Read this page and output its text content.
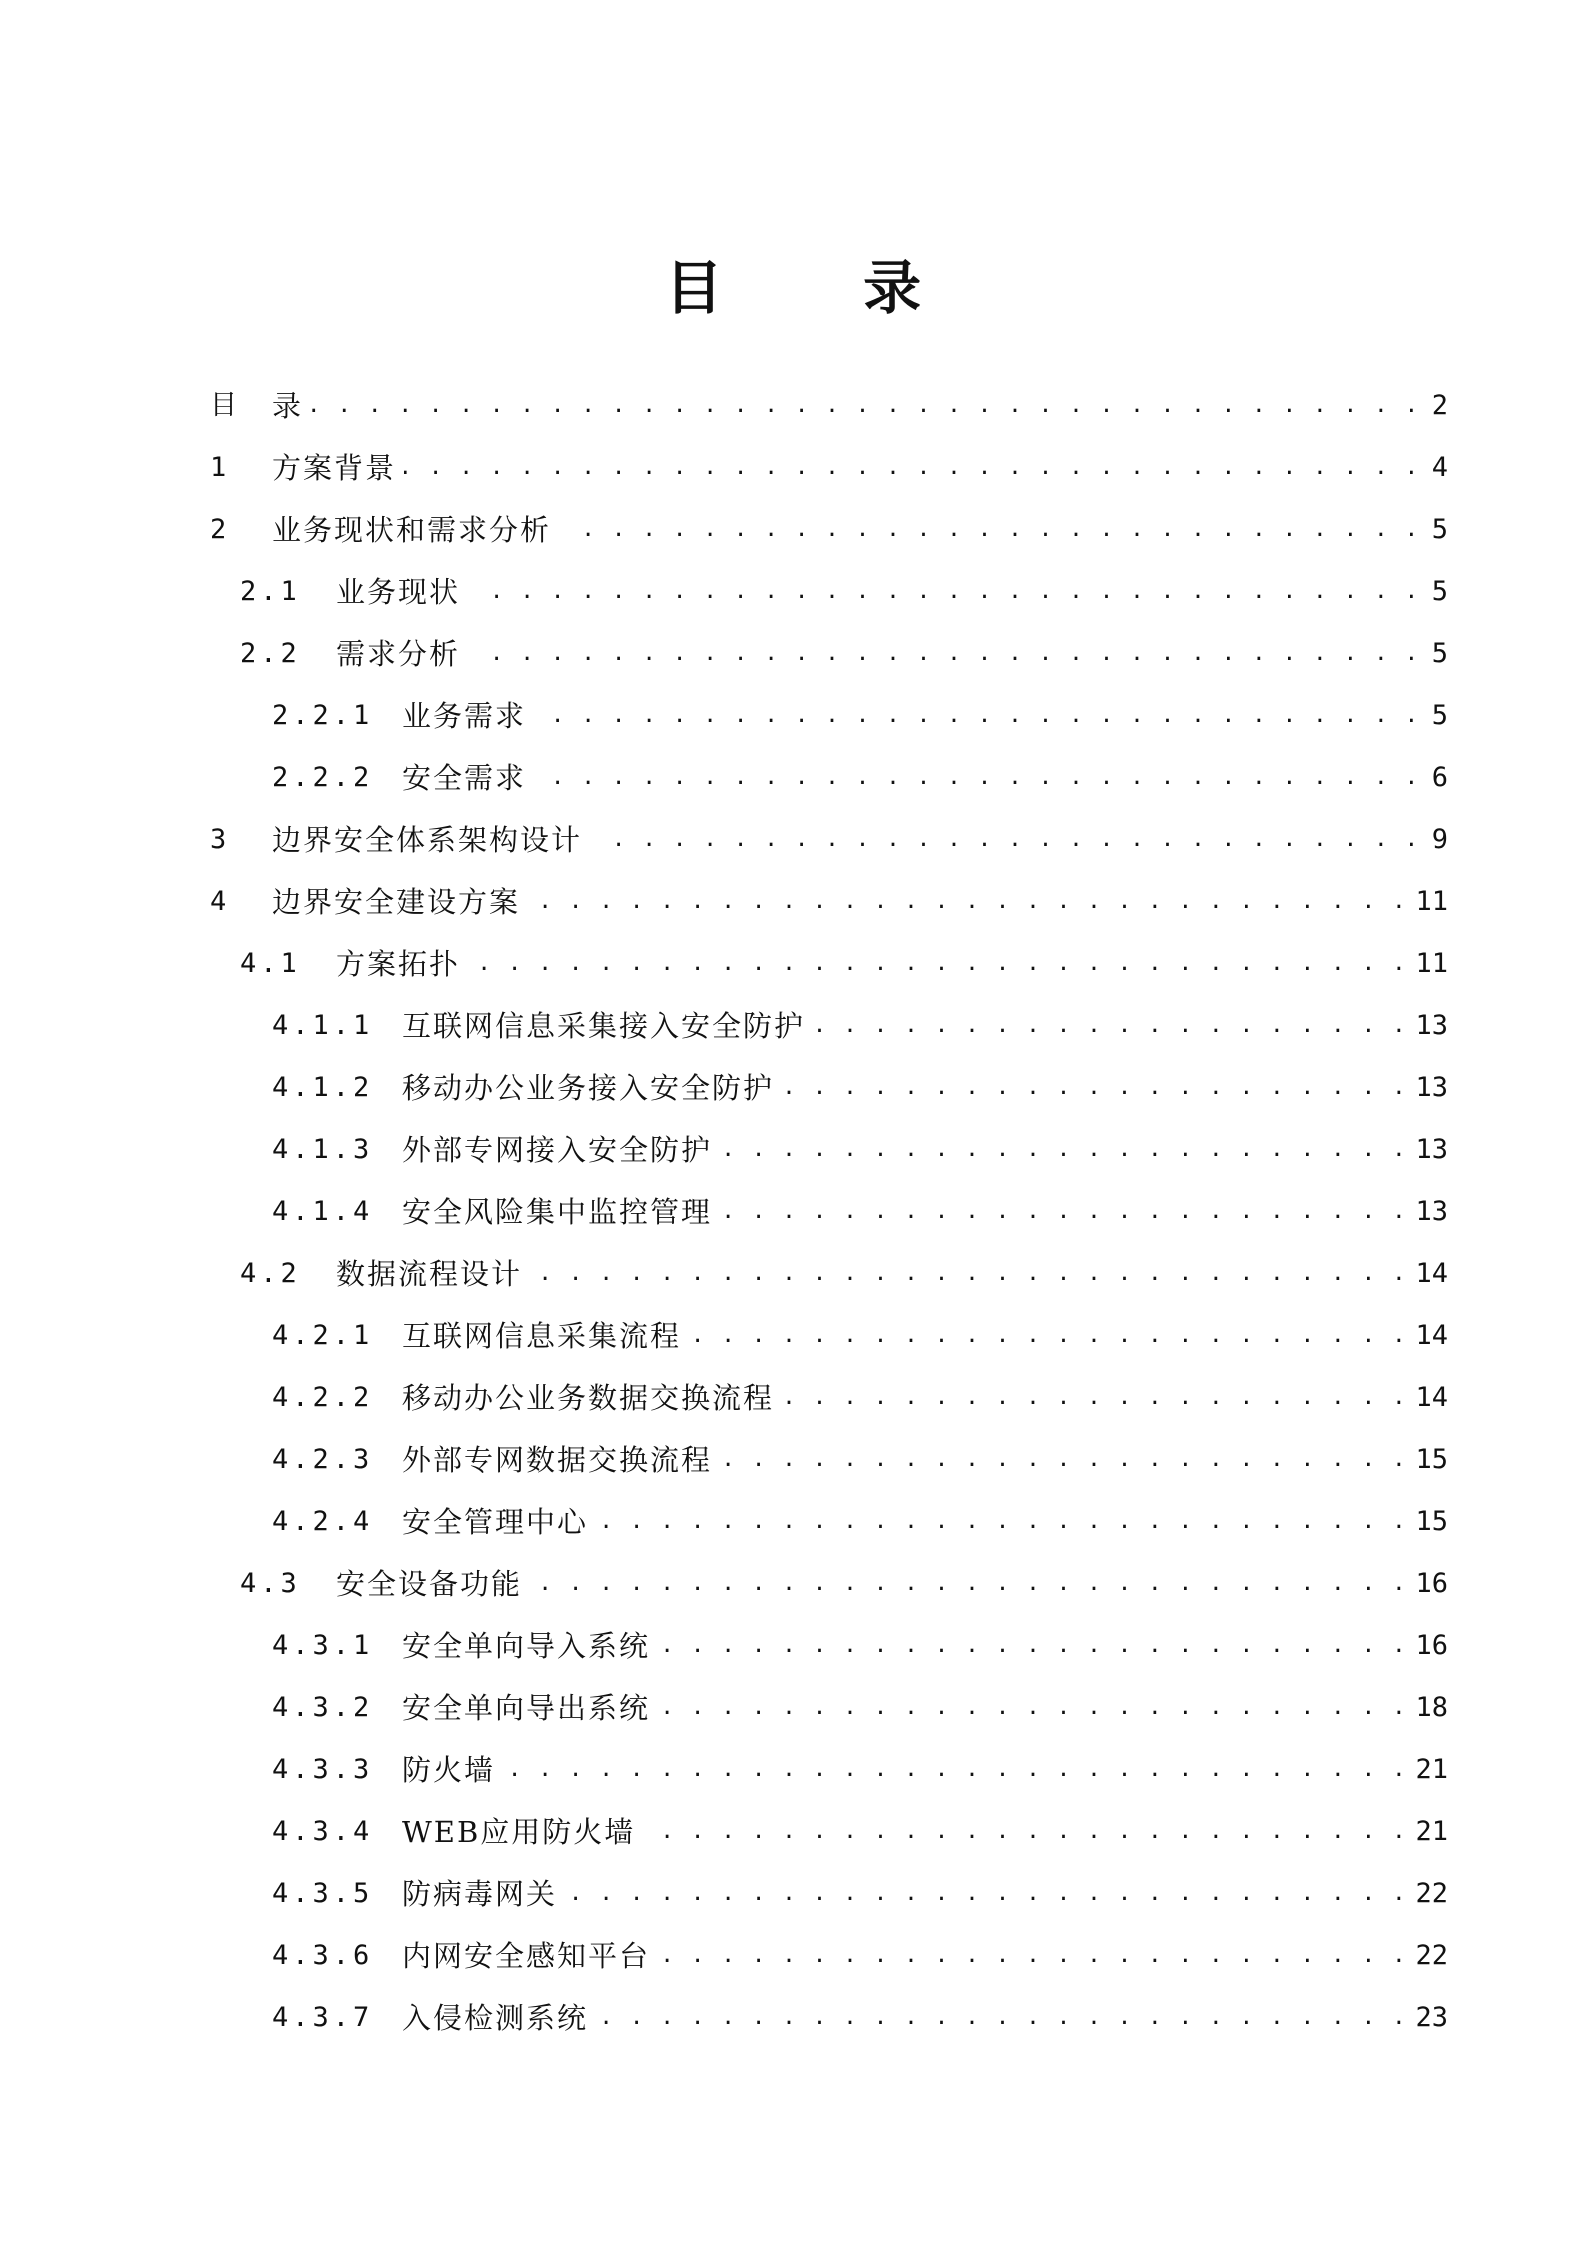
目 录
目	录 . . .	2
1	方案背景 . . .	4
2	业务现状和需求分析 . . .	5
2.1	业务现状 . . .	5
2.2	需求分析 . . .	5
2.2.1 业务需求 . . .	5
2.2.2 安全需求 . . .	6
3	边界安全体系架构设计 . . .	9
4	边界安全建设方案 . . .	11
4.1	方案拓扑 . . .	11
4.1.1 互联网信息采集接入安全防护 . . .	13
4.1.2 移动办公业务接入安全防护 . . .	13
4.1.3 外部专网接入安全防护 . . .	13
4.1.4 安全风险集中监控管理 . . .	13
4.2	数据流程设计 . . .	14
4.2.1 互联网信息采集流程 . . .	14
4.2.2 移动办公业务数据交换流程 . . .	14
4.2.3 外部专网数据交换流程 . . .	15
4.2.4 安全管理中心 . . .	15
4.3	安全设备功能 . . .	16
4.3.1 安全单向导入系统 . . .	16
4.3.2 安全单向导出系统 . . .	18
4.3.3 防火墙 . . .	21
4.3.4 WEB应用防火墙 . . .	21
4.3.5 防病毒网关 . . .	22
4.3.6 内网安全感知平台 . . .	22
4.3.7 入侵检测系统 . . .	23
